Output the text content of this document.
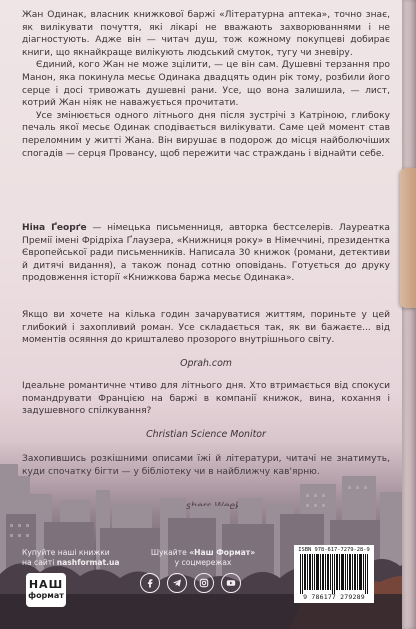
Жан Одинак, власник книжкової баржі «Літературна аптека», точно знає, як вилікувати почуття, які лікарі не вважають захворюваннями і не діагностують. Адже він — читач душ, тож кожному покупцеві добирає книги, що якнайкраще вилікують людський смуток, тугу чи зневіру.

Єдиний, кого Жан не може зцілити, — це він сам. Душевні терзання про Манон, яка покинула месьє Одинака двадцять один рік тому, розбили його серце і досі тривожать душевні рани. Усе, що вона залишила, — лист, котрий Жан ніяк не наважується прочитати.

Усе змінюється одного літнього дня після зустрічі з Катріною, глибоку печаль якої месьє Одинак сподівається вилікувати. Саме цей момент став переломним у житті Жана. Він вирушає в подорож до місця найболючіших спогадів — серця Провансу, щоб пережити час страждань і віднайти себе.

Ніна Ґеорґе — німецька письменниця, авторка бестселерів. Лауреатка Премії імені Фрідріха Ґлаузера, «Книжниця року» в Німеччині, президентка Європейської ради письменників. Написала 30 книжок (романи, детективи й дитячі видання), а також понад сотню оповідань. Готується до друку продовження історії «Книжкова баржа месьє Одинака».

Якщо ви хочете на кілька годин зачаруватися життям, пориньте у цей глибокий і захопливий роман. Усе складається так, як ви бажаєте... від моментів осяяння до кришталево прозорого внутрішнього світу.

Oprah.com

Ідеальне романтичне чтиво для літнього дня. Хто втримається від спокуси помандрувати Францією на баржі в компанії книжок, вина, кохання і задушевного спілкування?

Christian Science Monitor

Купуйте наші книжки
на сайті nashformat.ua
НАШ
формат
Шукайте «Наш Формат»
у соцмережах
ISBN 978-617-7279-28-9
9 786177 279289
